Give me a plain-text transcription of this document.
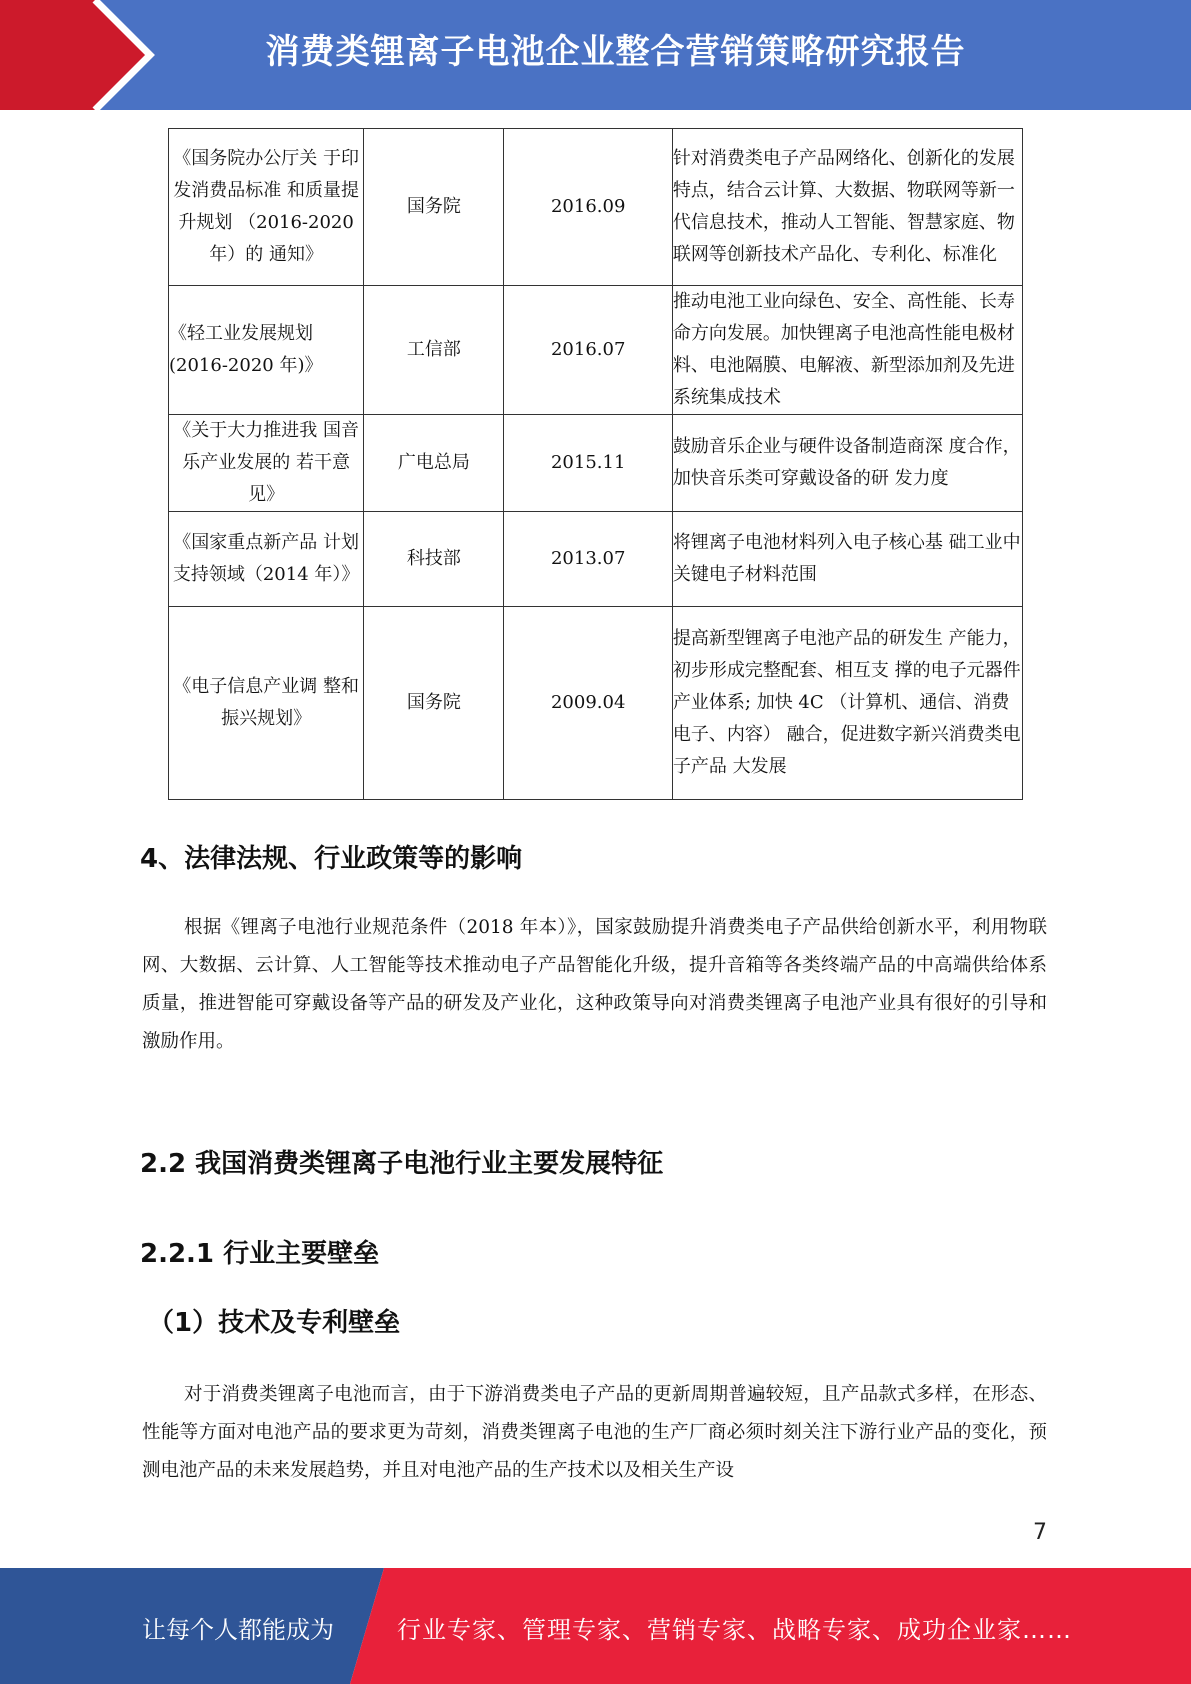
消费类锂离子电池企业整合营销策略研究报告
《国务院办公厅关 于印发消费品标准 和质量提升规划 （2016-2020 年）的 通知》	国务院	2016.09	针对消费类电子产品网络化、创新化的发展特点，结合云计算、大数据、物联网等新一代信息技术，推动人工智能、智慧家庭、物联网等创新技术产品化、专利化、标准化
《轻工业发展规划(2016-2020 年)》	工信部	2016.07	推动电池工业向绿色、安全、高性能、长寿命方向发展。加快锂离子电池高性能电极材料、电池隔膜、电解液、新型添加剂及先进系统集成技术
《关于大力推进我 国音乐产业发展的 若干意见》	广电总局	2015.11	鼓励音乐企业与硬件设备制造商深 度合作，加快音乐类可穿戴设备的研 发力度
《国家重点新产品 计划支持领域（2014 年）》	科技部	2013.07	将锂离子电池材料列入电子核心基 础工业中关键电子材料范围
《电子信息产业调 整和振兴规划》	国务院	2009.04	提高新型锂离子电池产品的研发生 产能力，初步形成完整配套、相互支 撑的电子元器件产业体系; 加快 4C （计算机、通信、消费电子、内容） 融合，促进数字新兴消费类电子产品 大发展
4、法律法规、行业政策等的影响

根据《锂离子电池行业规范条件（2018 年本）》，国家鼓励提升消费类电子产品供给创新水平，利用物联网、大数据、云计算、人工智能等技术推动电子产品智能化升级，提升音箱等各类终端产品的中高端供给体系质量，推进智能可穿戴设备等产品的研发及产业化，这种政策导向对消费类锂离子电池产业具有很好的引导和激励作用。

2.2 我国消费类锂离子电池行业主要发展特征
2.2.1 行业主要壁垒
（1）技术及专利壁垒

对于消费类锂离子电池而言，由于下游消费类电子产品的更新周期普遍较短，且产品款式多样，在形态、性能等方面对电池产品的要求更为苛刻，消费类锂离子电池的生产厂商必须时刻关注下游行业产品的变化，预测电池产品的未来发展趋势，并且对电池产品的生产技术以及相关生产设

7
让每个人都能成为	行业专家、管理专家、营销专家、战略专家、成功企业家……
